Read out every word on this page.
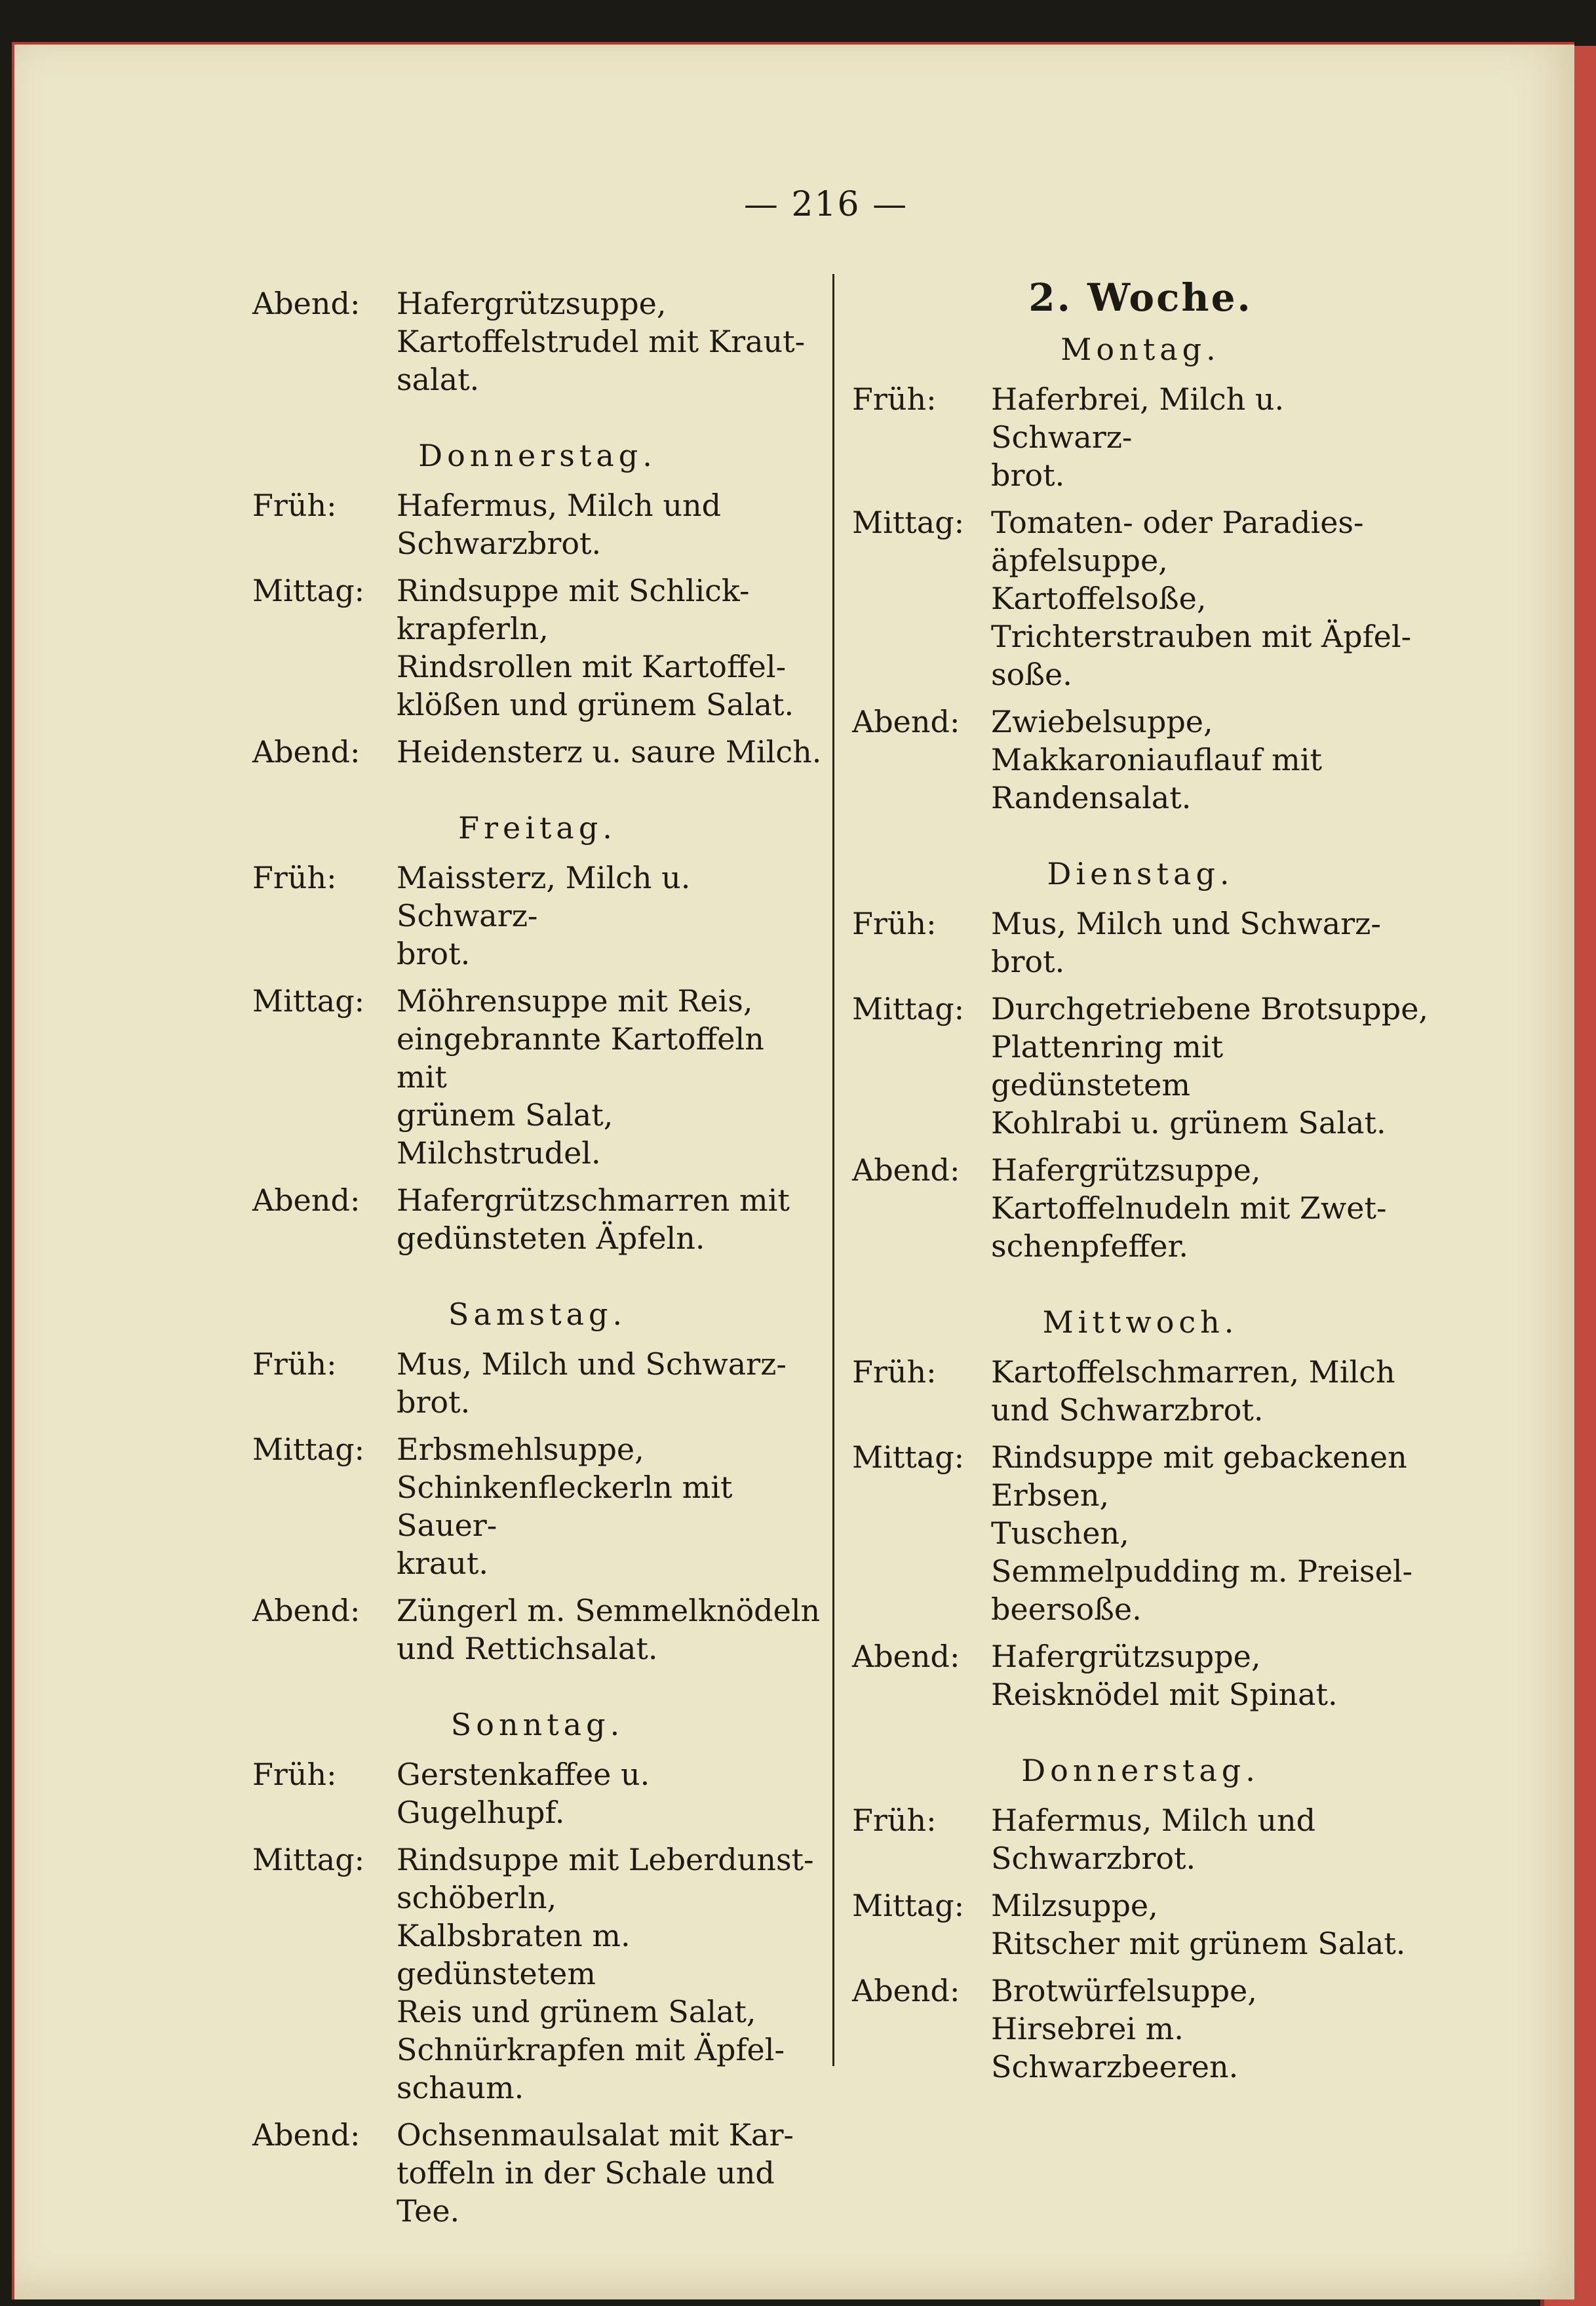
— 216 —
Abend:	Hafergrützsuppe,
Kartoffelstrudel mit Kraut-
salat.
Donnerstag.
Früh:	Hafermus, Milch und
Schwarzbrot.
Mittag:	Rindsuppe mit Schlick-
krapferln,
Rindsrollen mit Kartoffel-
klößen und grünem Salat.
Abend:	Heidensterz u. saure Milch.
Freitag.
Früh:	Maissterz, Milch u. Schwarz-
brot.
Mittag:	Möhrensuppe mit Reis,
eingebrannte Kartoffeln mit
grünem Salat,
Milchstrudel.
Abend:	Hafergrützschmarren mit
gedünsteten Äpfeln.
Samstag.
Früh:	Mus, Milch und Schwarz-
brot.
Mittag:	Erbsmehlsuppe,
Schinkenfleckerln mit Sauer-
kraut.
Abend:	Züngerl m. Semmelknödeln
und Rettichsalat.
Sonntag.
Früh:	Gerstenkaffee u. Gugelhupf.
Mittag:	Rindsuppe mit Leberdunst-
schöberln,
Kalbsbraten m. gedünstetem
Reis und grünem Salat,
Schnürkrapfen mit Äpfel-
schaum.
Abend:	Ochsenmaulsalat mit Kar-
toffeln in der Schale und
Tee.
2. Woche.
Montag.
Früh:	Haferbrei, Milch u. Schwarz-
brot.
Mittag: Tomaten- oder Paradies-
äpfelsuppe,
Kartoffelsoße,
Trichterstrauben mit Äpfel-
soße.
Abend:	Zwiebelsuppe,
Makkaroniauflauf mit
Randensalat.
Dienstag.
Früh:	Mus, Milch und Schwarz-
brot.
Mittag: Durchgetriebene Brotsuppe,
Plattenring mit gedünstetem
Kohlrabi u. grünem Salat.
Abend:	Hafergrützsuppe,
Kartoffelnudeln mit Zwet-
schenpfeffer.
Mittwoch.
Früh:	Kartoffelschmarren, Milch
und Schwarzbrot.
Mittag: Rindsuppe mit gebackenen
Erbsen,
Tuschen,
Semmelpudding m. Preisel-
beersoße.
Abend:	Hafergrützsuppe,
Reisknödel mit Spinat.
Donnerstag.
Früh:	Hafermus, Milch und
Schwarzbrot.
Mittag: Milzsuppe,
Ritscher mit grünem Salat.
Abend:	Brotwürfelsuppe,
Hirsebrei m. Schwarzbeeren.
